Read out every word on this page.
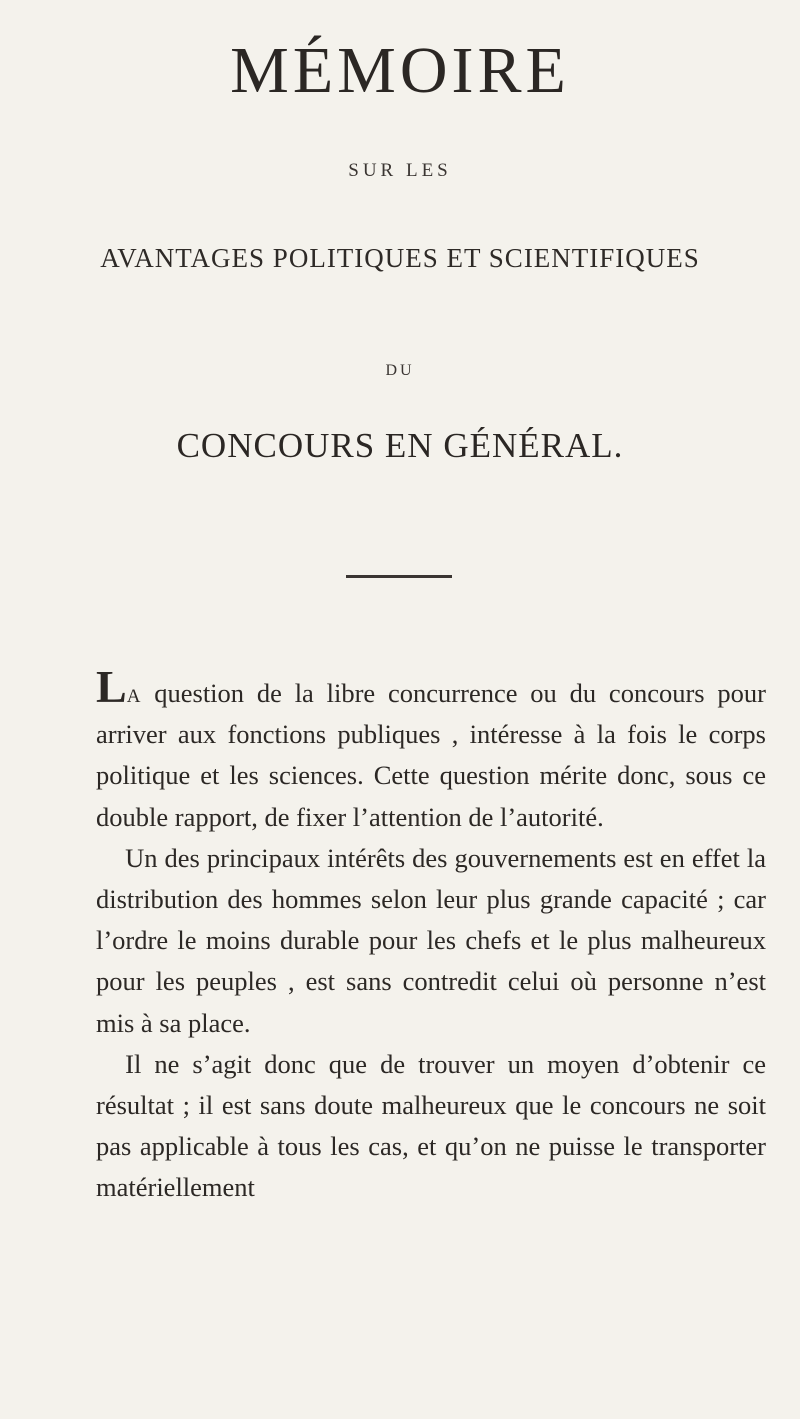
MÉMOIRE
SUR LES
AVANTAGES POLITIQUES ET SCIENTIFIQUES
DU
CONCOURS EN GÉNÉRAL.

La question de la libre concurrence ou du concours pour arriver aux fonctions publiques , intéresse à la fois le corps politique et les sciences. Cette question mérite donc, sous ce double rapport, de fixer l’attention de l’autorité.

Un des principaux intérêts des gouvernements est en effet la distribution des hommes selon leur plus grande capacité ; car l’ordre le moins durable pour les chefs et le plus malheureux pour les peuples , est sans contredit celui où personne n’est mis à sa place.

Il ne s’agit donc que de trouver un moyen d’obtenir ce résultat ; il est sans doute malheureux que le concours ne soit pas applicable à tous les cas, et qu’on ne puisse le transporter matériellement
